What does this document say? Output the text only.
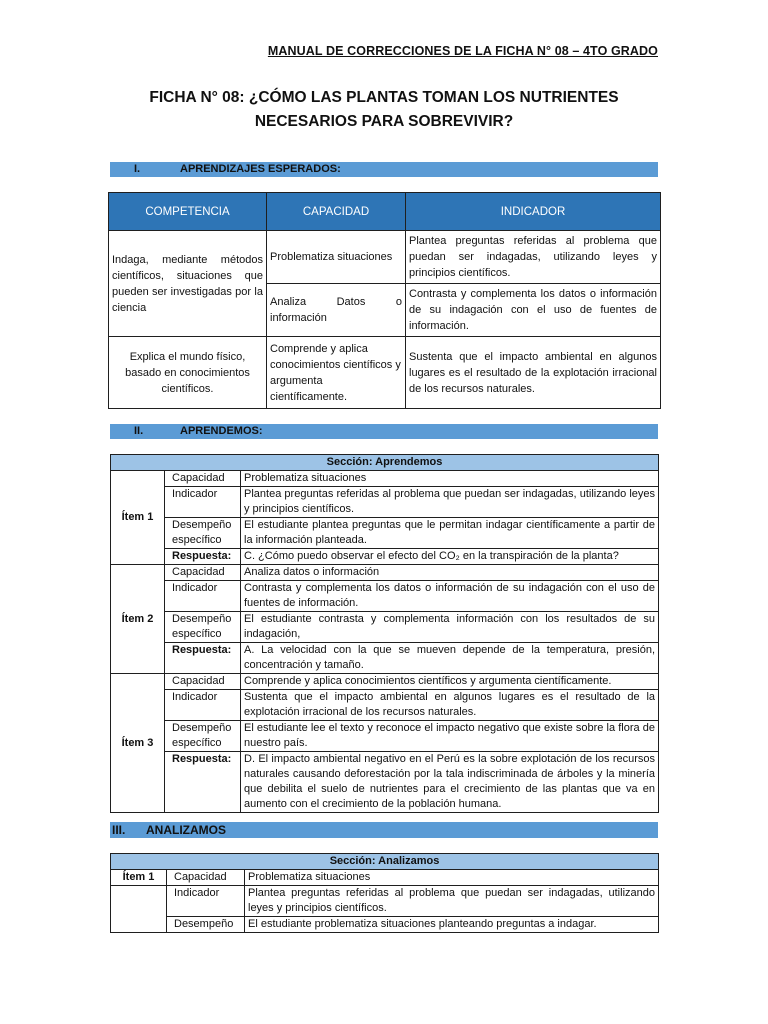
MANUAL DE CORRECCIONES DE LA FICHA N° 08 – 4TO GRADO
FICHA N° 08: ¿CÓMO LAS PLANTAS TOMAN LOS NUTRIENTES
NECESARIOS PARA SOBREVIVIR?
I.	APRENDIZAJES ESPERADOS:
COMPETENCIA	CAPACIDAD	INDICADOR
Indaga, mediante métodos científicos, situaciones que pueden ser investigadas por la ciencia	Problematiza situaciones	Plantea preguntas referidas al problema que puedan ser indagadas, utilizando leyes y principios científicos.
	Analiza Datos o información	Contrasta y complementa los datos o información de su indagación con el uso de fuentes de información.
Explica el mundo físico, basado en conocimientos científicos.	Comprende y aplica conocimientos científicos y argumenta científicamente.	Sustenta que el impacto ambiental en algunos lugares es el resultado de la explotación irracional de los recursos naturales.
II.	APRENDEMOS:
Sección: Aprendemos		
Ítem 1	Capacidad	Problematiza situaciones
	Indicador	Plantea preguntas referidas al problema que puedan ser indagadas, utilizando leyes y principios científicos.
	Desempeño específico	El estudiante plantea preguntas que le permitan indagar científicamente a partir de la información planteada.
	Respuesta:	C. ¿Cómo puedo observar el efecto del CO₂ en la transpiración de la planta?
Ítem 2	Capacidad	Analiza datos o información
	Indicador	Contrasta y complementa los datos o información de su indagación con el uso de fuentes de información.
	Desempeño específico	El estudiante contrasta y complementa información con los resultados de su indagación,
	Respuesta:	A. La velocidad con la que se mueven depende de la temperatura, presión, concentración y tamaño.
Ítem 3	Capacidad	Comprende y aplica conocimientos científicos y argumenta científicamente.
	Indicador	Sustenta que el impacto ambiental en algunos lugares es el resultado de la explotación irracional de los recursos naturales.
	Desempeño específico	El estudiante lee el texto y reconoce el impacto negativo que existe sobre la flora de nuestro país.
	Respuesta:	D. El impacto ambiental negativo en el Perú es la sobre explotación de los recursos naturales causando deforestación por la tala indiscriminada de árboles y la minería que debilita el suelo de nutrientes para el crecimiento de las plantas que va en aumento con el crecimiento de la población humana.
III. ANALIZAMOS
Sección: Analizamos		
Ítem 1	Capacidad	Problematiza situaciones
	Indicador	Plantea preguntas referidas al problema que puedan ser indagadas, utilizando leyes y principios científicos.
	Desempeño	El estudiante problematiza situaciones planteando preguntas a indagar.
